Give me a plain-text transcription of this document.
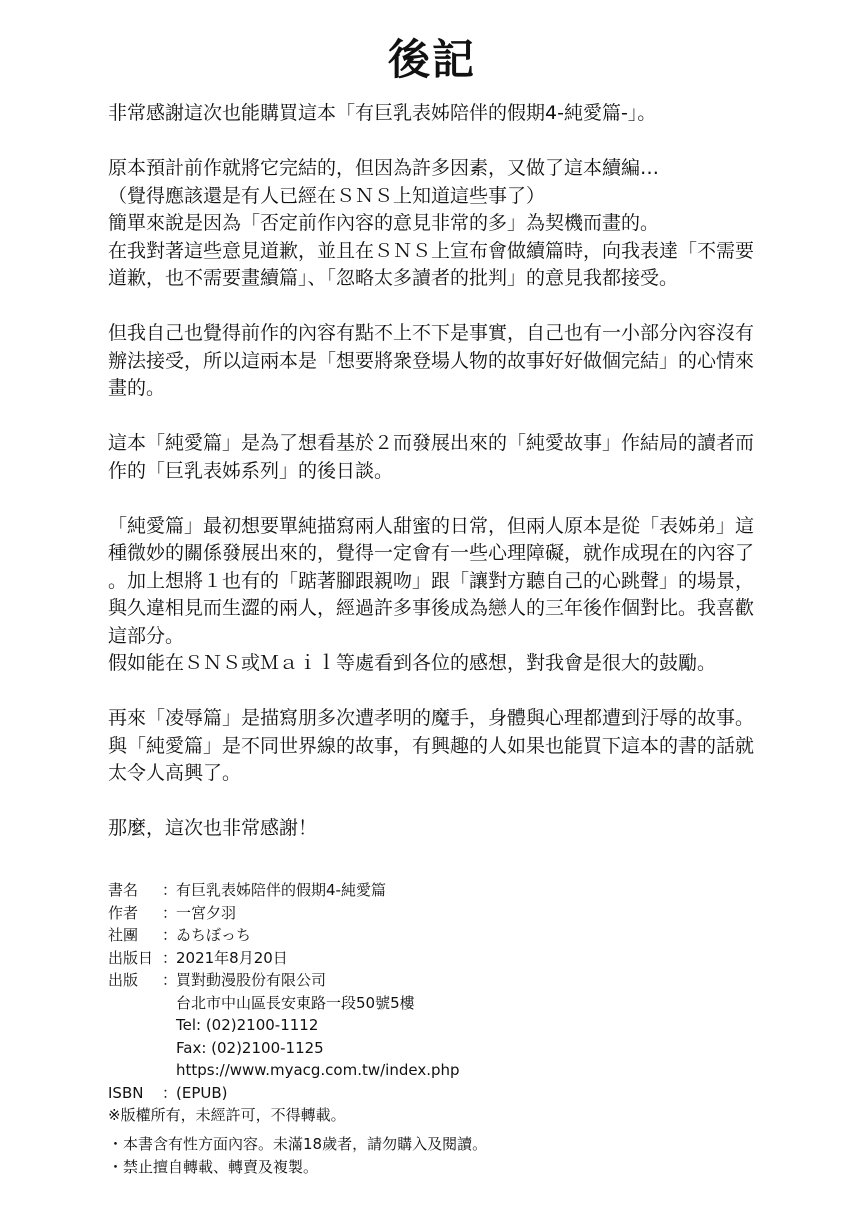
後記
非常感謝這次也能購買這本「有巨乳表姊陪伴的假期4-純愛篇-」。
原本預計前作就將它完結的，但因為許多因素，又做了這本續編…
（覺得應該還是有人已經在ＳＮＳ上知道這些事了）
簡單來說是因為「否定前作內容的意見非常的多」為契機而畫的。
在我對著這些意見道歉，並且在ＳＮＳ上宣布會做續篇時，向我表達「不需要
道歉，也不需要畫續篇」、「忽略太多讀者的批判」的意見我都接受。
但我自己也覺得前作的內容有點不上不下是事實，自己也有一小部分內容沒有
辦法接受，所以這兩本是「想要將衆登場人物的故事好好做個完結」的心情來
畫的。
這本「純愛篇」是為了想看基於２而發展出來的「純愛故事」作結局的讀者而
作的「巨乳表姊系列」的後日談。
「純愛篇」最初想要單純描寫兩人甜蜜的日常，但兩人原本是從「表姊弟」這
種微妙的關係發展出來的，覺得一定會有一些心理障礙，就作成現在的內容了
。加上想將１也有的「踮著腳跟親吻」跟「讓對方聽自己的心跳聲」的場景，
與久違相見而生澀的兩人，經過許多事後成為戀人的三年後作個對比。我喜歡
這部分。
假如能在ＳＮＳ或Ｍａｉｌ等處看到各位的感想，對我會是很大的鼓勵。
再來「凌辱篇」是描寫朋多次遭孝明的魔手，身體與心理都遭到汙辱的故事。
與「純愛篇」是不同世界線的故事，有興趣的人如果也能買下這本的書的話就
太令人高興了。
那麼，這次也非常感謝！
書名	：
有巨乳表姊陪伴的假期4-純愛篇
作者	：
一宮夕羽
社團	：
ゐちぼっち
出版日 ：
2021年8月20日
出版	：
買對動漫股份有限公司
台北市中山區長安東路一段50號5樓
Tel: (02)2100-1112
Fax: (02)2100-1125
https://www.myacg.com.tw/index.php
ISBN	：
(EPUB)
※版權所有，未經許可，不得轉載。
・本書含有性方面內容。未滿18歲者，請勿購入及閱讀。
・禁止擅自轉載、轉賣及複製。
